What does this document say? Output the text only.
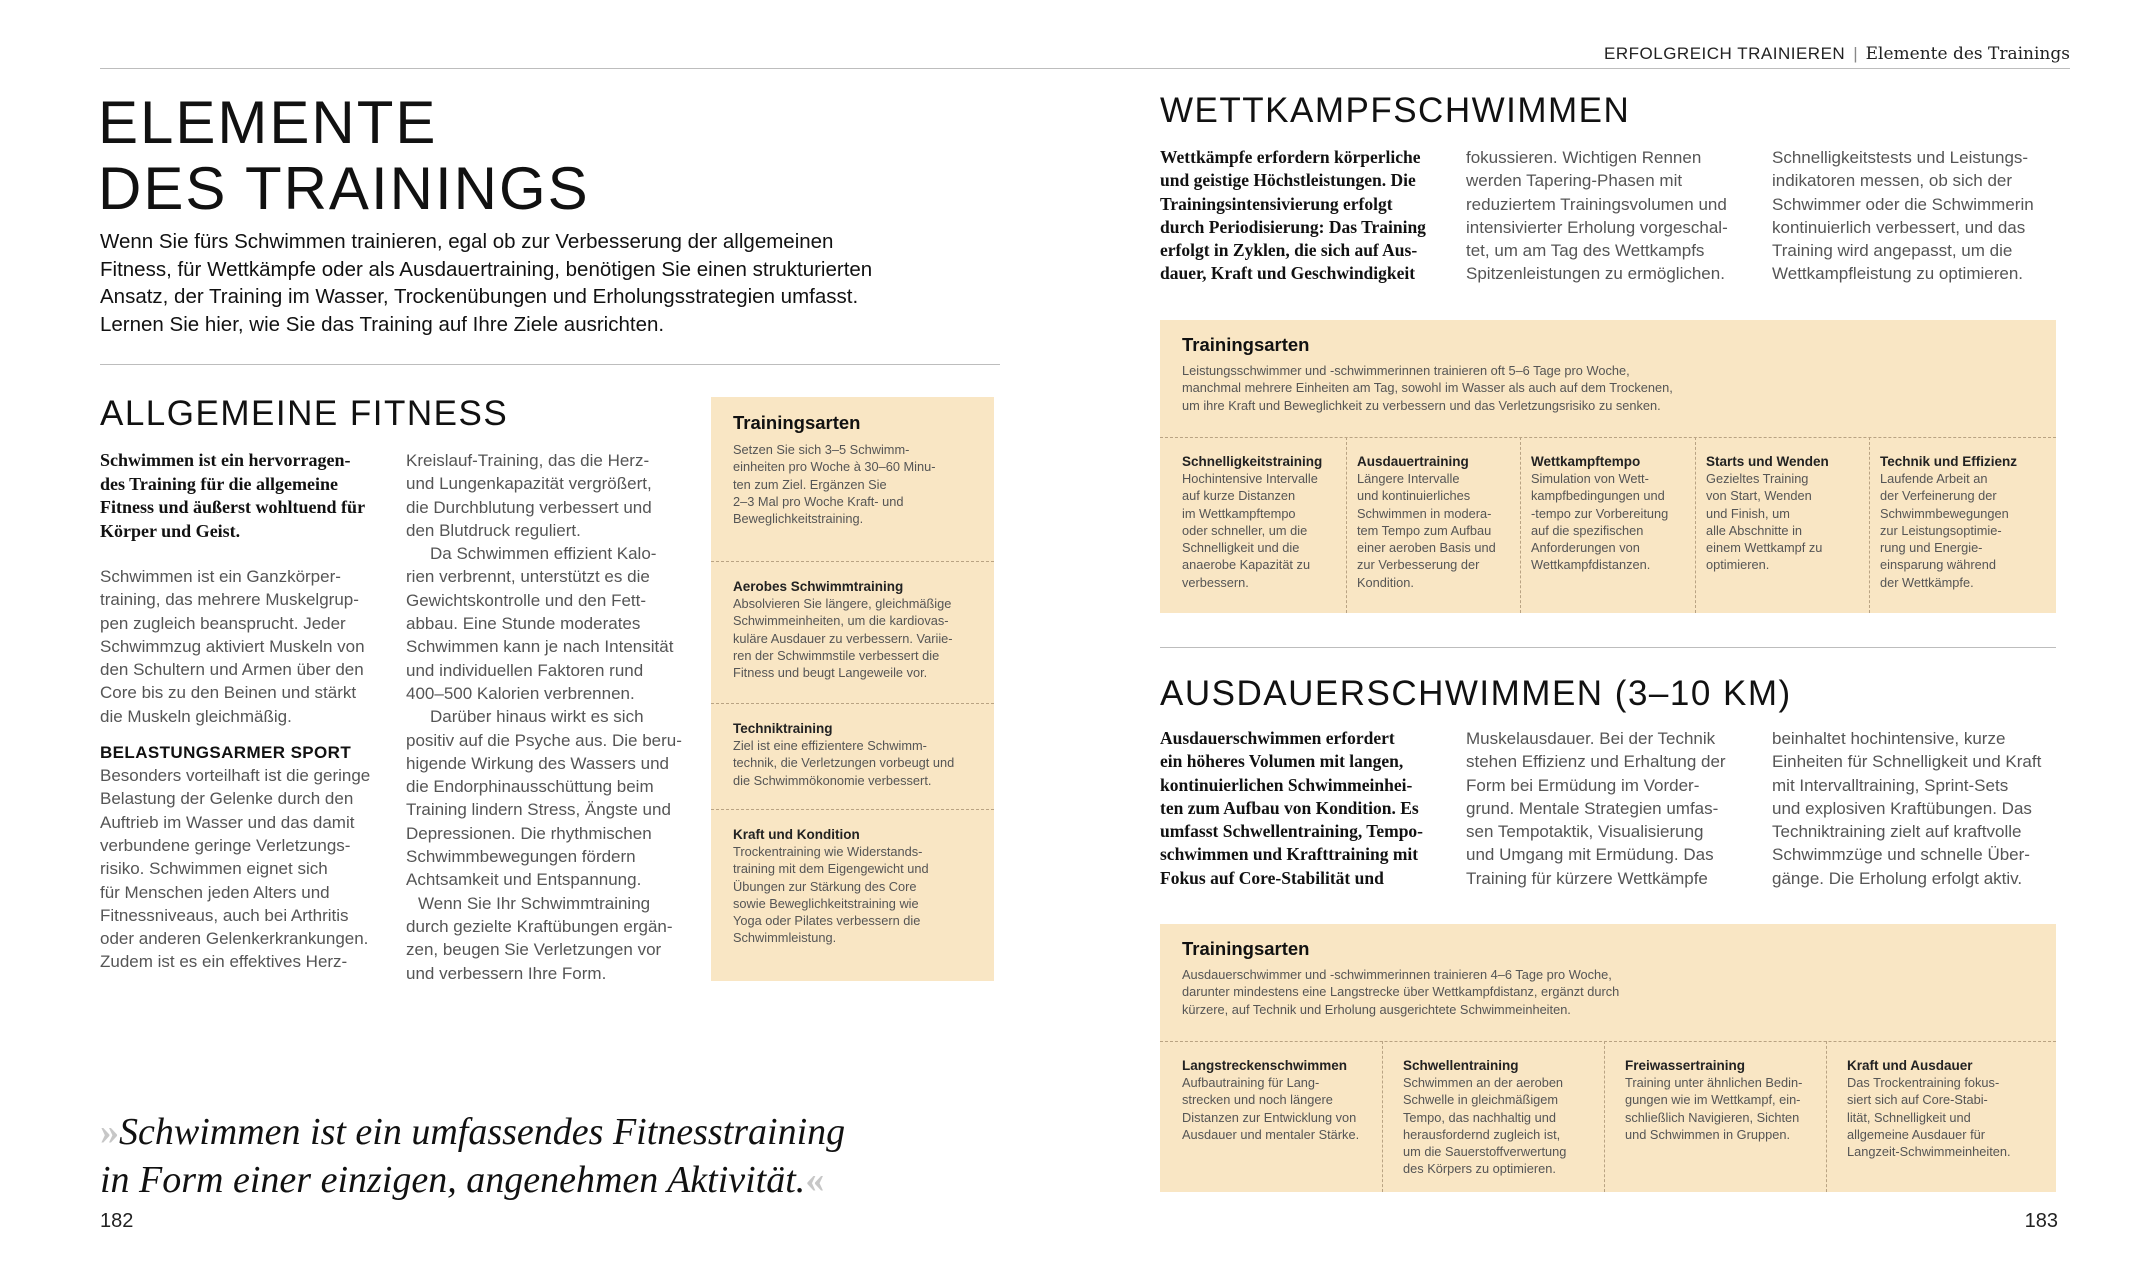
ERFOLGREICH TRAINIEREN | Elemente des Trainings
ELEMENTE
DES TRAININGS
Wenn Sie fürs Schwimmen trainieren, egal ob zur Verbesserung der allgemeinen
Fitness, für Wettkämpfe oder als Ausdauertraining, benötigen Sie einen strukturierten
Ansatz, der Training im Wasser, Trockenübungen und Erholungsstrategien umfasst.
Lernen Sie hier, wie Sie das Training auf Ihre Ziele ausrichten.
ALLGEMEINE FITNESS
Schwimmen ist ein hervorragen-
des Training für die allgemeine
Fitness und äußerst wohltuend für
Körper und Geist.
Schwimmen ist ein Ganzkörper-
training, das mehrere Muskelgrup-
pen zugleich beansprucht. Jeder
Schwimmzug aktiviert Muskeln von
den Schultern und Armen über den
Core bis zu den Beinen und stärkt
die Muskeln gleichmäßig.
BELASTUNGSARMER SPORT
Besonders vorteilhaft ist die geringe
Belastung der Gelenke durch den
Auftrieb im Wasser und das damit
verbundene geringe Verletzungs-
risiko. Schwimmen eignet sich
für Menschen jeden Alters und
Fitnessniveaus, auch bei Arthritis
oder anderen Gelenkerkrankungen.
Zudem ist es ein effektives Herz-
Kreislauf-Training, das die Herz-
und Lungenkapazität vergrößert,
die Durchblutung verbessert und
den Blutdruck reguliert.
Da Schwimmen effizient Kalo-
rien verbrennt, unterstützt es die
Gewichtskontrolle und den Fett-
abbau. Eine Stunde moderates
Schwimmen kann je nach Intensität
und individuellen Faktoren rund
400–500 Kalorien verbrennen.
Darüber hinaus wirkt es sich
positiv auf die Psyche aus. Die beru-
higende Wirkung des Wassers und
die Endorphinausschüttung beim
Training lindern Stress, Ängste und
Depressionen. Die rhythmischen
Schwimmbewegungen fördern
Achtsamkeit und Entspannung.
Wenn Sie Ihr Schwimmtraining
durch gezielte Kraftübungen ergän-
zen, beugen Sie Verletzungen vor
und verbessern Ihre Form.
Trainingsarten
Setzen Sie sich 3–5 Schwimm-
einheiten pro Woche à 30–60 Minu-
ten zum Ziel. Ergänzen Sie
2–3 Mal pro Woche Kraft- und
Beweglichkeitstraining.
Aerobes Schwimmtraining
Absolvieren Sie längere, gleichmäßige
Schwimmeinheiten, um die kardiovas-
kuläre Ausdauer zu verbessern. Variie-
ren der Schwimmstile verbessert die
Fitness und beugt Langeweile vor.
Techniktraining
Ziel ist eine effizientere Schwimm-
technik, die Verletzungen vorbeugt und
die Schwimmökonomie verbessert.
Kraft und Kondition
Trockentraining wie Widerstands-
training mit dem Eigengewicht und
Übungen zur Stärkung des Core
sowie Beweglichkeitstraining wie
Yoga oder Pilates verbessern die
Schwimmleistung.
»Schwimmen ist ein umfassendes Fitnesstraining
in Form einer einzigen, angenehmen Aktivität.«
182
WETTKAMPFSCHWIMMEN
Wettkämpfe erfordern körperliche
und geistige Höchstleistungen. Die
Trainingsintensivierung erfolgt
durch Periodisierung: Das Training
erfolgt in Zyklen, die sich auf Aus-
dauer, Kraft und Geschwindigkeit
fokussieren. Wichtigen Rennen
werden Tapering-Phasen mit
reduziertem Trainingsvolumen und
intensivierter Erholung vorgeschal-
tet, um am Tag des Wettkampfs
Spitzenleistungen zu ermöglichen.
Schnelligkeitstests und Leistungs-
indikatoren messen, ob sich der
Schwimmer oder die Schwimmerin
kontinuierlich verbessert, und das
Training wird angepasst, um die
Wettkampfleistung zu optimieren.
Trainingsarten
Leistungsschwimmer und -schwimmerinnen trainieren oft 5–6 Tage pro Woche,
manchmal mehrere Einheiten am Tag, sowohl im Wasser als auch auf dem Trockenen,
um ihre Kraft und Beweglichkeit zu verbessern und das Verletzungsrisiko zu senken.
Schnelligkeitstraining
Hochintensive Intervalle
auf kurze Distanzen
im Wettkampftempo
oder schneller, um die
Schnelligkeit und die
anaerobe Kapazität zu
verbessern.
Ausdauertraining
Längere Intervalle
und kontinuierliches
Schwimmen in modera-
tem Tempo zum Aufbau
einer aeroben Basis und
zur Verbesserung der
Kondition.
Wettkampftempo
Simulation von Wett-
kampfbedingungen und
-tempo zur Vorbereitung
auf die spezifischen
Anforderungen von
Wettkampfdistanzen.
Starts und Wenden
Gezieltes Training
von Start, Wenden
und Finish, um
alle Abschnitte in
einem Wettkampf zu
optimieren.
Technik und Effizienz
Laufende Arbeit an
der Verfeinerung der
Schwimmbewegungen
zur Leistungsoptimie-
rung und Energie-
einsparung während
der Wettkämpfe.
AUSDAUERSCHWIMMEN (3–10 KM)
Ausdauerschwimmen erfordert
ein höheres Volumen mit langen,
kontinuierlichen Schwimmeinhei-
ten zum Aufbau von Kondition. Es
umfasst Schwellentraining, Tempo-
schwimmen und Krafttraining mit
Fokus auf Core-Stabilität und
Muskelausdauer. Bei der Technik
stehen Effizienz und Erhaltung der
Form bei Ermüdung im Vorder-
grund. Mentale Strategien umfas-
sen Tempotaktik, Visualisierung
und Umgang mit Ermüdung. Das
Training für kürzere Wettkämpfe
beinhaltet hochintensive, kurze
Einheiten für Schnelligkeit und Kraft
mit Intervalltraining, Sprint-Sets
und explosiven Kraftübungen. Das
Techniktraining zielt auf kraftvolle
Schwimmzüge und schnelle Über-
gänge. Die Erholung erfolgt aktiv.
Trainingsarten
Ausdauerschwimmer und -schwimmerinnen trainieren 4–6 Tage pro Woche,
darunter mindestens eine Langstrecke über Wettkampfdistanz, ergänzt durch
kürzere, auf Technik und Erholung ausgerichtete Schwimmeinheiten.
Langstreckenschwimmen
Aufbautraining für Lang-
strecken und noch längere
Distanzen zur Entwicklung von
Ausdauer und mentaler Stärke.
Schwellentraining
Schwimmen an der aeroben
Schwelle in gleichmäßigem
Tempo, das nachhaltig und
herausfordernd zugleich ist,
um die Sauerstoffverwertung
des Körpers zu optimieren.
Freiwassertraining
Training unter ähnlichen Bedin-
gungen wie im Wettkampf, ein-
schließlich Navigieren, Sichten
und Schwimmen in Gruppen.
Kraft und Ausdauer
Das Trockentraining fokus-
siert sich auf Core-Stabi-
lität, Schnelligkeit und
allgemeine Ausdauer für
Langzeit-Schwimmeinheiten.
183
